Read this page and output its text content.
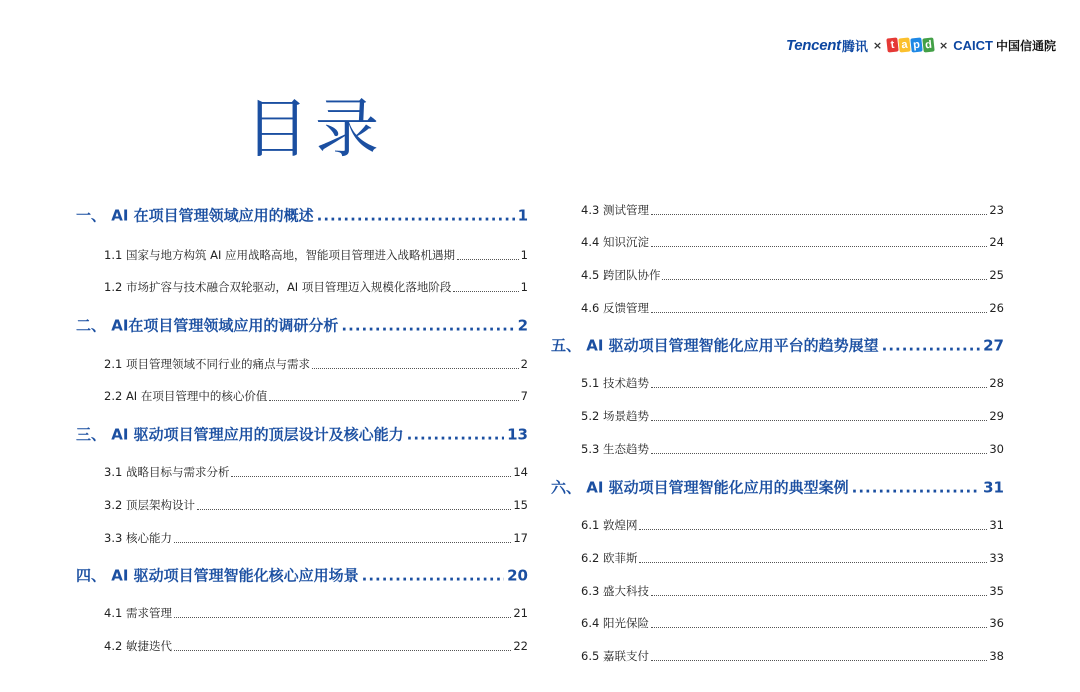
Tencent 腾讯 × t a p d × CAICT 中国信通院
目录
一、 AI 在项目管理领域应用的概述 .....	1
1.1 国家与地方构筑 AI 应用战略高地，智能项目管理进入战略机遇期	1
1.2 市场扩容与技术融合双轮驱动，AI 项目管理迈入规模化落地阶段	1
二、 AI在项目管理领域应用的调研分析 .....	2
2.1 项目管理领域不同行业的痛点与需求	2
2.2 AI 在项目管理中的核心价值	7
三、 AI 驱动项目管理应用的顶层设计及核心能力 .....	13
3.1 战略目标与需求分析	14
3.2 顶层架构设计	15
3.3 核心能力	17
四、 AI 驱动项目管理智能化核心应用场景 .....	20
4.1 需求管理	21
4.2 敏捷迭代	22
4.3 测试管理	23
4.4 知识沉淀	24
4.5 跨团队协作	25
4.6 反馈管理	26
五、 AI 驱动项目管理智能化应用平台的趋势展望 .....	27
5.1 技术趋势	28
5.2 场景趋势	29
5.3 生态趋势	30
六、 AI 驱动项目管理智能化应用的典型案例 .....	31
6.1 敦煌网	31
6.2 欧菲斯	33
6.3 盛大科技	35
6.4 阳光保险	36
6.5 嘉联支付	38
